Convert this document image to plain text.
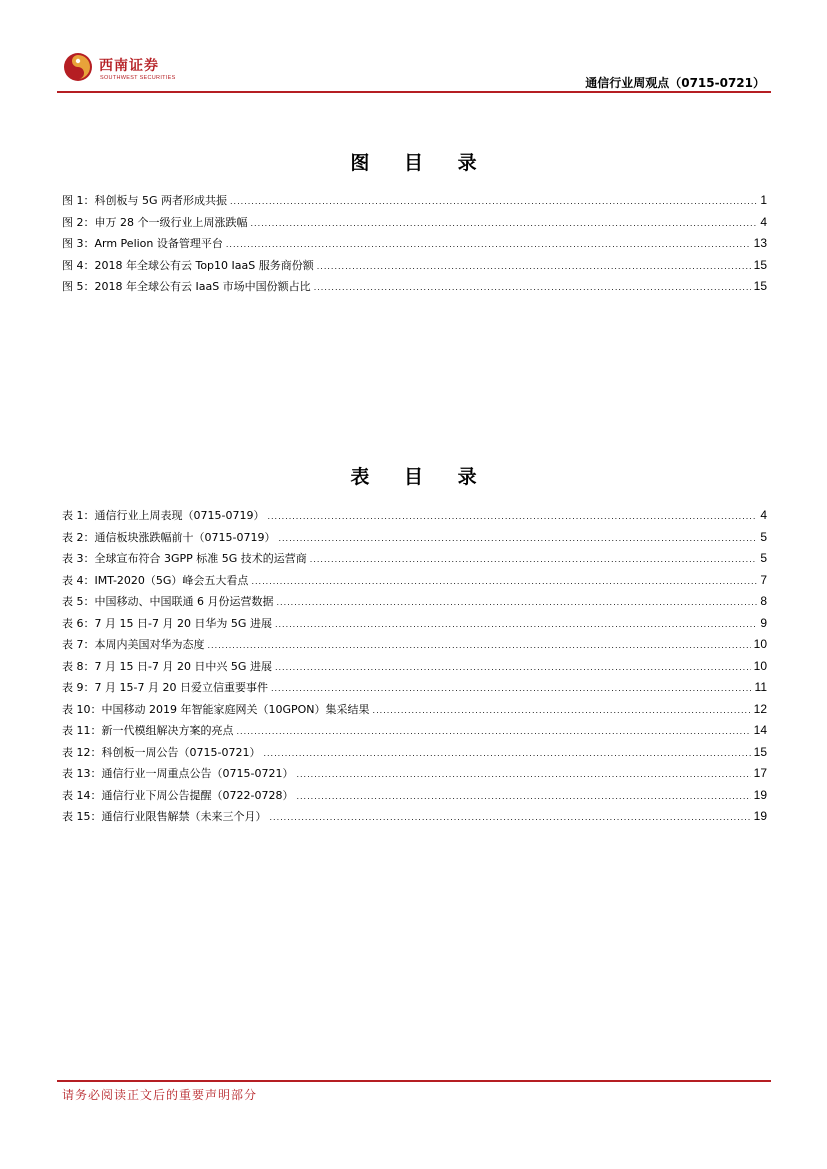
西南证券
SOUTHWEST SECURITIES	通信行业周观点（0715-0721）
图 目 录
图 1：科创板与 5G 两者形成共振 .....	1
图 2：申万 28 个一级行业上周涨跌幅 .....	4
图 3：Arm Pelion 设备管理平台 .....	13
图 4：2018 年全球公有云 Top10 IaaS 服务商份额 .....	15
图 5：2018 年全球公有云 IaaS 市场中国份额占比 .....	15
表 目 录
表 1：通信行业上周表现（0715-0719） .....	4
表 2：通信板块涨跌幅前十（0715-0719） .....	5
表 3：全球宣布符合 3GPP 标准 5G 技术的运营商 .....	5
表 4：IMT-2020（5G）峰会五大看点 .....	7
表 5：中国移动、中国联通 6 月份运营数据 .....	8
表 6：7 月 15 日-7 月 20 日华为 5G 进展 .....	9
表 7：本周内美国对华为态度 .....	10
表 8：7 月 15 日-7 月 20 日中兴 5G 进展 .....	10
表 9：7 月 15-7 月 20 日爱立信重要事件 .....	11
表 10：中国移动 2019 年智能家庭网关（10GPON）集采结果 .....	12
表 11：新一代模组解决方案的亮点 .....	14
表 12：科创板一周公告（0715-0721） .....	15
表 13：通信行业一周重点公告（0715-0721） .....	17
表 14：通信行业下周公告提醒（0722-0728） .....	19
表 15：通信行业限售解禁（未来三个月） .....	19
请务必阅读正文后的重要声明部分
